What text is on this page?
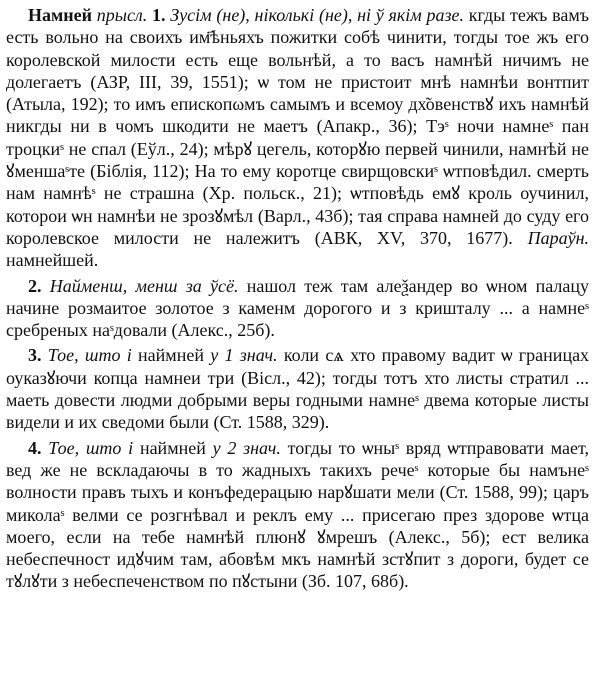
Намней прысл. 1. Зусім (не), ніколькі (не), ні ў якім разе. кгды тежъ вамъ есть вольно на своихъ им҃ѣньяхъ пожитки собѣ чинити, тогды тое жъ его королевской милости есть еще вольнѣй, а то васъ намнѣй ничимъ не долегаетъ (АЗР, III, 39, 1551); ѡ том не пристоит мнѣ намнѣи вонтпит (Атыла, 192); то имъ епископωмъ самымъ и всемоу дх̃овенствꙋ ихъ намнѣй никгды ни в чомъ шкодити не маетъ (Апакр., 36); Тэˢ ночи намнеˢ пан троцкиˢ не спал (Еўл., 24); мѣрꙋ цегель, которꙋю первей чинили, намнѣй не ꙋменшаˢте (Біблія, 112); На то ему коротце свирщовскиˢ ѡтповѣдил. смерть нам намнѣˢ не страшна (Хр. польск., 21); ѡтповѣдь емꙋ кроль оучинил, которои ѡн намнѣи не зрозꙋмѣл (Варл., 43б); тая справа намней до суду его королевское милости не належитъ (АВК, XV, 370, 1677). Параўн. намнейшей.

2. Найменш, менш за ўсё. нашол теж там алеѯандер во ѡном палацу начине розмаитое золотое з каменм дорогого и з кришталу ... а намнеˢ сребреных наˢдовали (Алекс., 25б).

3. Тое, што і наймней у 1 знач. коли сѧ хто правому вадит ѡ границах оуказꙋючи копца намнеи три (Віcл., 42); тогды тотъ хто листы стратил ... маеть довести людми добрыми веры годными намнеˢ двема которые листы видели и их сведоми были (Ст. 1588, 329).

4. Тое, што і наймней у 2 знач. тогды то ѡныˢ вряд ѡтправовати мает, вед же не вскладаючы в то жадныхъ такихъ речеˢ которые бы намънеˢ волности правъ тыхъ и конъфедерацыю нарꙋшати мели (Ст. 1588, 99); царъ миколаˢ велми се розгнѣвал и реклъ ему ... присегаю през здорове ѡтца моего, если на тебе намнѣй плюнꙋ ꙋмрешъ (Алекс., 5б); ест велика небеспечност идꙋчим там, абовѣм мкъ намнѣй зстꙋпит з дороги, будет се тꙋлꙋти з небеспеченством по пꙋстыни (Зб. 107, 68б).
